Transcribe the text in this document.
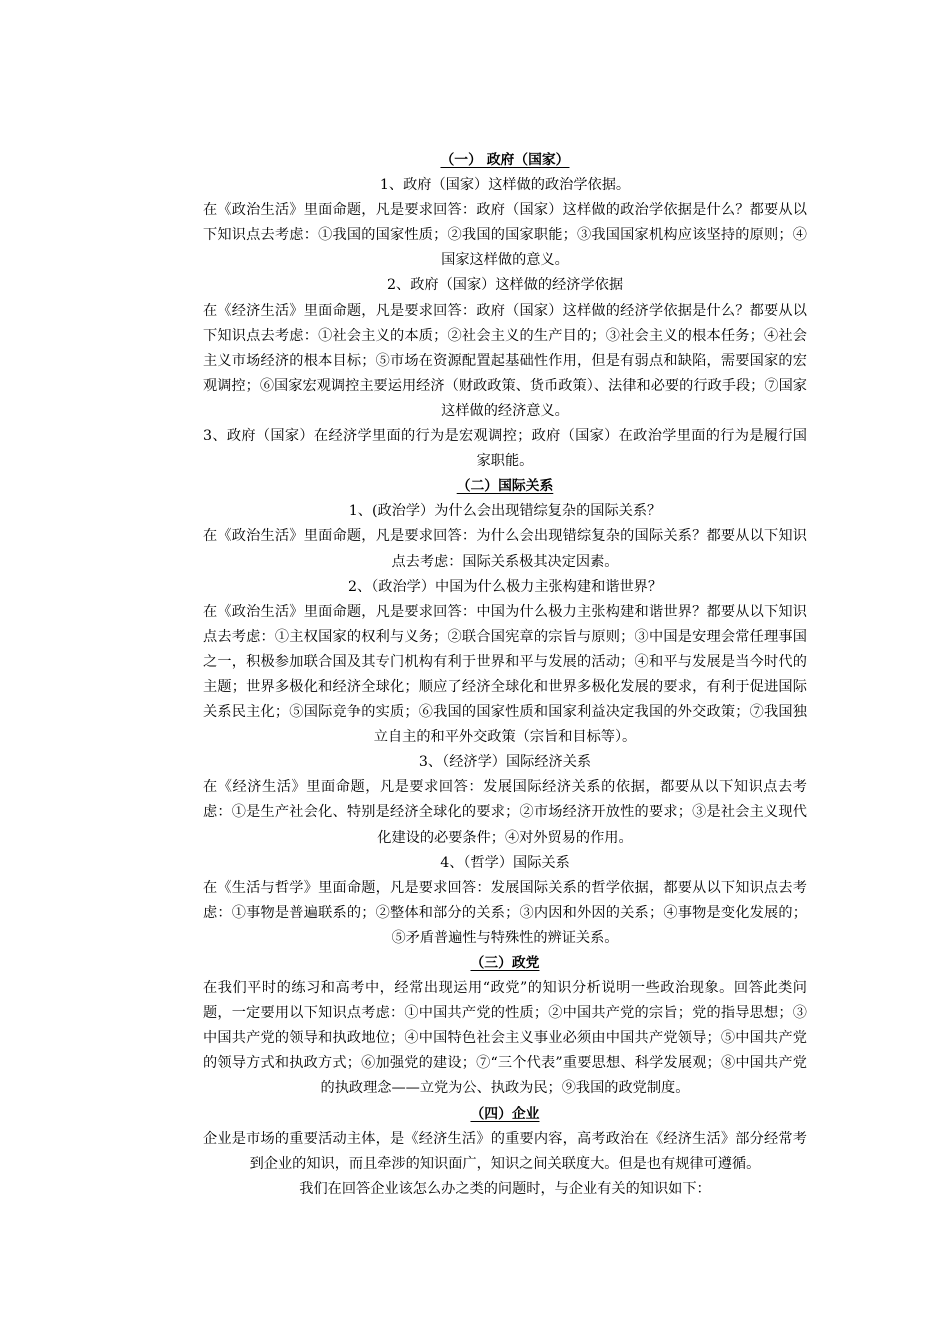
（一） 政府（国家）

1、政府（国家）这样做的政治学依据。

在《政治生活》里面命题，凡是要求回答：政府（国家）这样做的政治学依据是什么？都要从以下知识点去考虑：①我国的国家性质；②我国的国家职能；③我国国家机构应该坚持的原则；④国家这样做的意义。

2、政府（国家）这样做的经济学依据

在《经济生活》里面命题，凡是要求回答：政府（国家）这样做的经济学依据是什么？都要从以下知识点去考虑：①社会主义的本质；②社会主义的生产目的；③社会主义的根本任务；④社会主义市场经济的根本目标；⑤市场在资源配置起基础性作用，但是有弱点和缺陷，需要国家的宏观调控；⑥国家宏观调控主要运用经济（财政政策、货币政策）、法律和必要的行政手段；⑦国家这样做的经济意义。

3、政府（国家）在经济学里面的行为是宏观调控；政府（国家）在政治学里面的行为是履行国家职能。

（二）国际关系

1、(政治学）为什么会出现错综复杂的国际关系？

在《政治生活》里面命题，凡是要求回答：为什么会出现错综复杂的国际关系？都要从以下知识点去考虑：国际关系极其决定因素。

2、（政治学）中国为什么极力主张构建和谐世界？

在《政治生活》里面命题，凡是要求回答：中国为什么极力主张构建和谐世界？都要从以下知识点去考虑：①主权国家的权利与义务；②联合国宪章的宗旨与原则；③中国是安理会常任理事国之一，积极参加联合国及其专门机构有利于世界和平与发展的活动；④和平与发展是当今时代的主题；世界多极化和经济全球化；顺应了经济全球化和世界多极化发展的要求，有利于促进国际关系民主化；⑤国际竞争的实质；⑥我国的国家性质和国家利益决定我国的外交政策；⑦我国独立自主的和平外交政策（宗旨和目标等）。

3、（经济学）国际经济关系

在《经济生活》里面命题，凡是要求回答：发展国际经济关系的依据，都要从以下知识点去考虑：①是生产社会化、特别是经济全球化的要求；②市场经济开放性的要求；③是社会主义现代化建设的必要条件；④对外贸易的作用。

4、（哲学）国际关系

在《生活与哲学》里面命题，凡是要求回答：发展国际关系的哲学依据，都要从以下知识点去考虑：①事物是普遍联系的；②整体和部分的关系；③内因和外因的关系；④事物是变化发展的；⑤矛盾普遍性与特殊性的辨证关系。

（三）政党

在我们平时的练习和高考中，经常出现运用“政党”的知识分析说明一些政治现象。回答此类问题，一定要用以下知识点考虑：①中国共产党的性质；②中国共产党的宗旨；党的指导思想；③中国共产党的领导和执政地位；④中国特色社会主义事业必须由中国共产党领导；⑤中国共产党的领导方式和执政方式；⑥加强党的建设；⑦“三个代表”重要思想、科学发展观；⑧中国共产党的执政理念——立党为公、执政为民；⑨我国的政党制度。

（四）企业

企业是市场的重要活动主体，是《经济生活》的重要内容，高考政治在《经济生活》部分经常考到企业的知识，而且牵涉的知识面广，知识之间关联度大。但是也有规律可遵循。

我们在回答企业该怎么办之类的问题时，与企业有关的知识如下：
